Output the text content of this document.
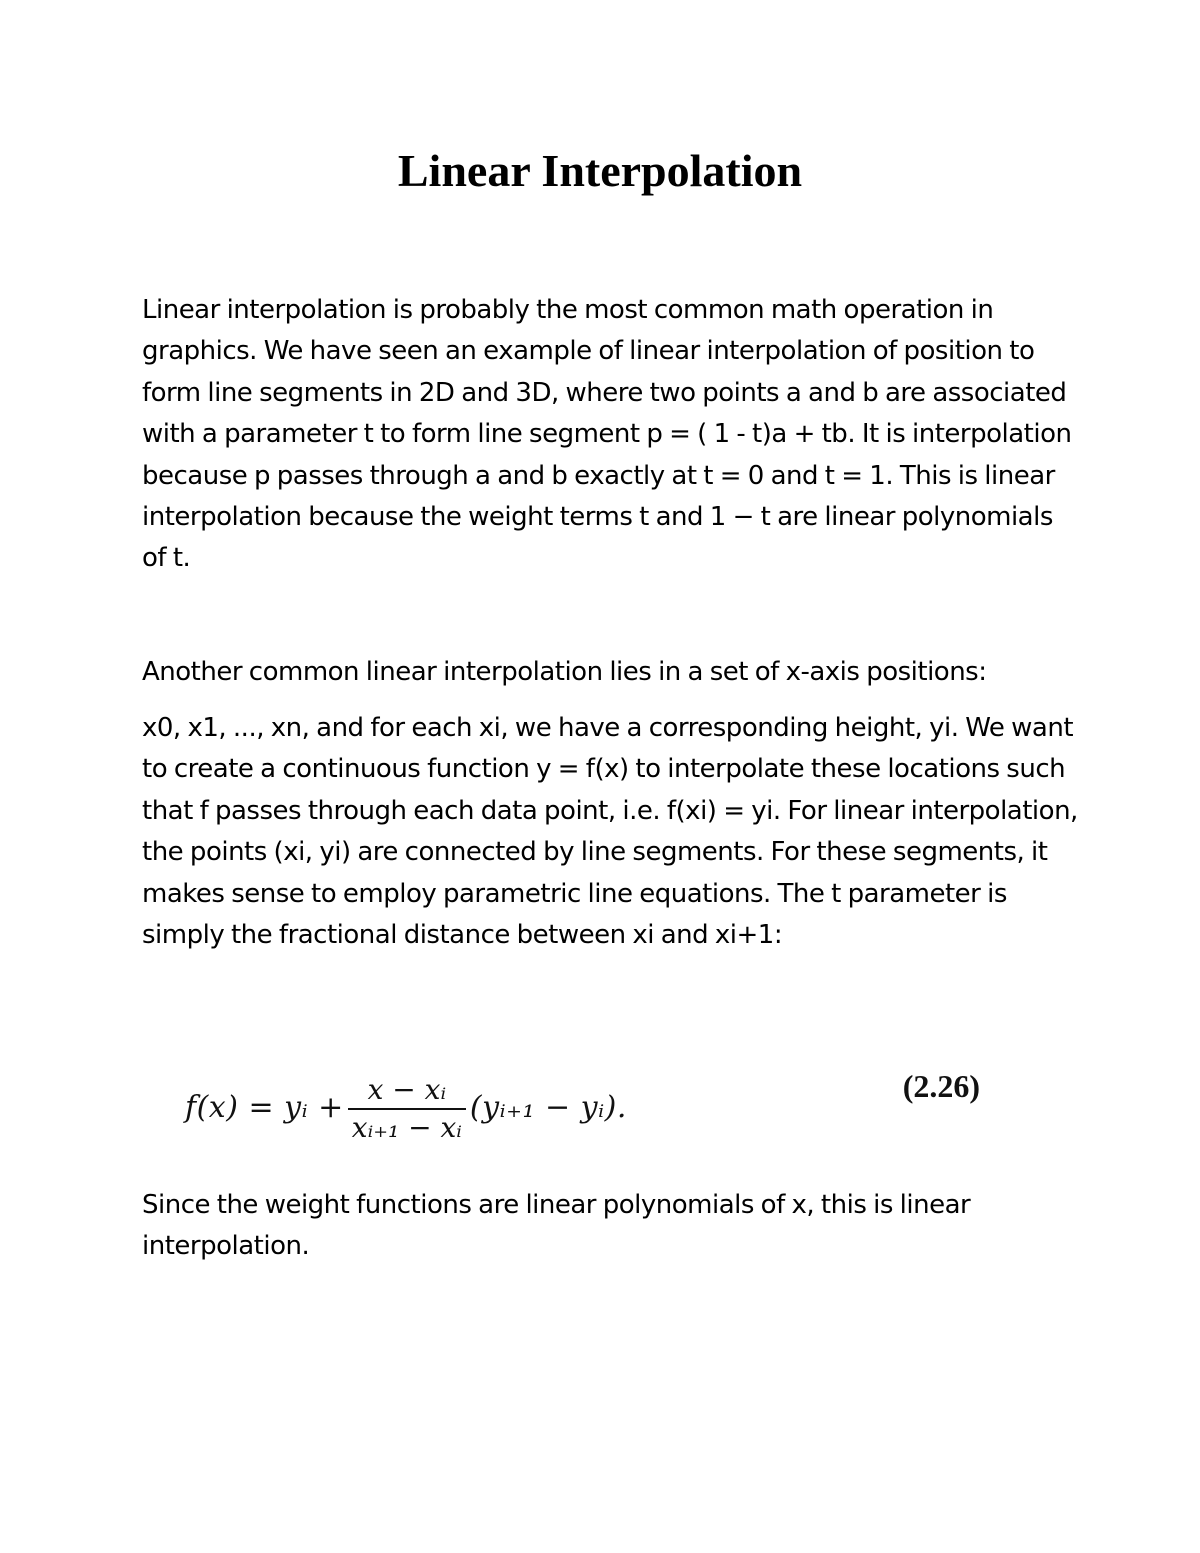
Linear Interpolation

Linear interpolation is probably the most common math operation in graphics. We have seen an example of linear interpolation of position to form line segments in 2D and 3D, where two points a and b are associated with a parameter t to form line segment p = ( 1 - t)a + tb. It is interpolation because p passes through a and b exactly at t = 0 and t = 1. This is linear interpolation because the weight terms t and 1 − t are linear polynomials of t.

Another common linear interpolation lies in a set of x-axis positions:

x0, x1, ..., xn, and for each xi, we have a corresponding height, yi. We want to create a continuous function y = f(x) to interpolate these locations such that f passes through each data point, i.e. f(xi) = yi. For linear interpolation, the points (xi, yi) are connected by line segments. For these segments, it makes sense to employ parametric line equations. The t parameter is simply the fractional distance between xi and xi+1:

f(x) = yᵢ + $\frac{\text{x − xᵢ}}{\text{xᵢ₊₁ − xᵢ}}$ (yᵢ₊₁ − yᵢ).
(2.26)

Since the weight functions are linear polynomials of x, this is linear interpolation.
